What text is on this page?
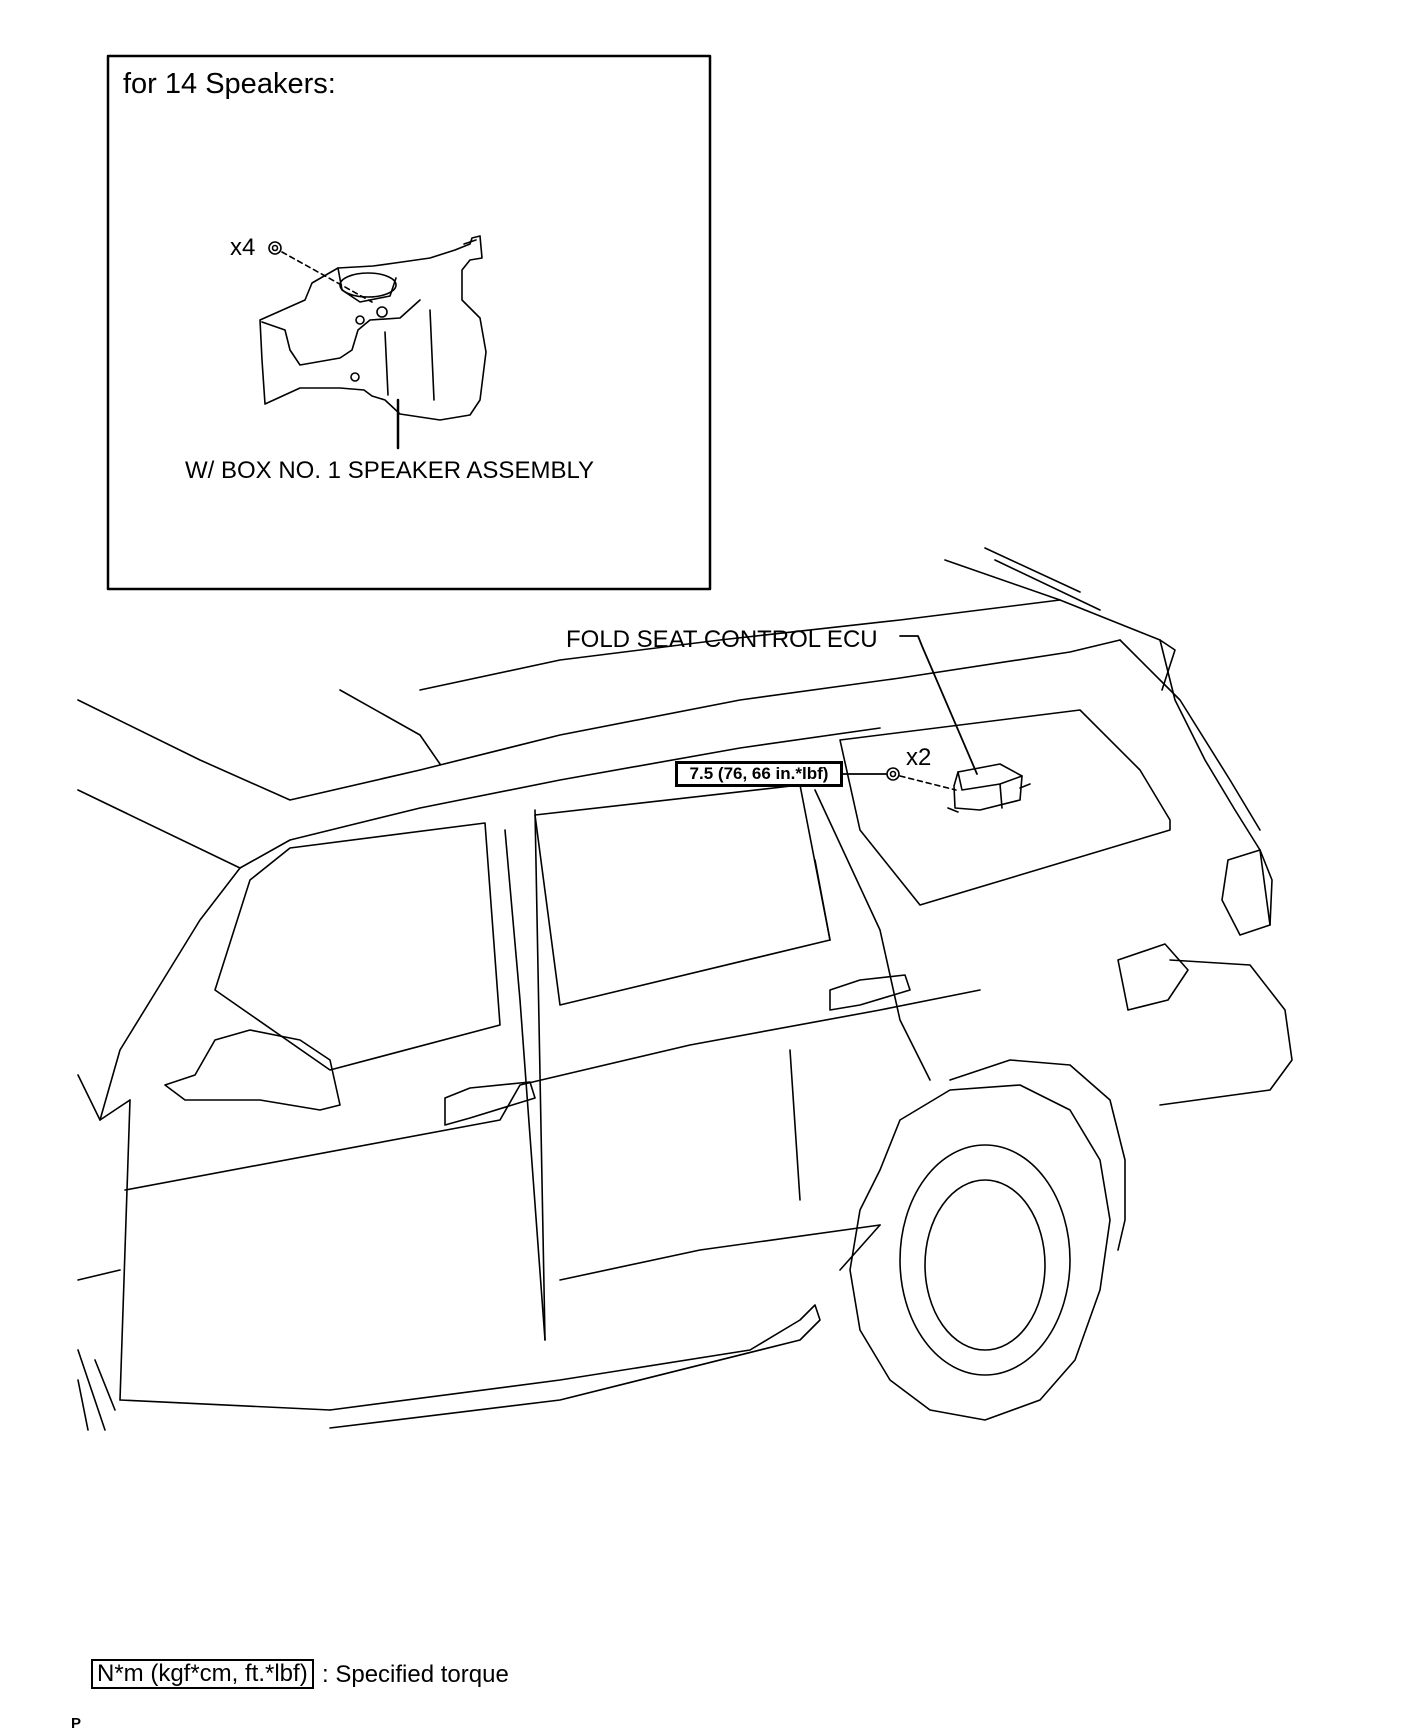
for 14 Speakers:
x4
W/ BOX NO. 1 SPEAKER ASSEMBLY
FOLD SEAT CONTROL ECU
x2
7.5 (76, 66 in.*lbf)
N*m (kgf*cm, ft.*lbf) : Specified torque
P
